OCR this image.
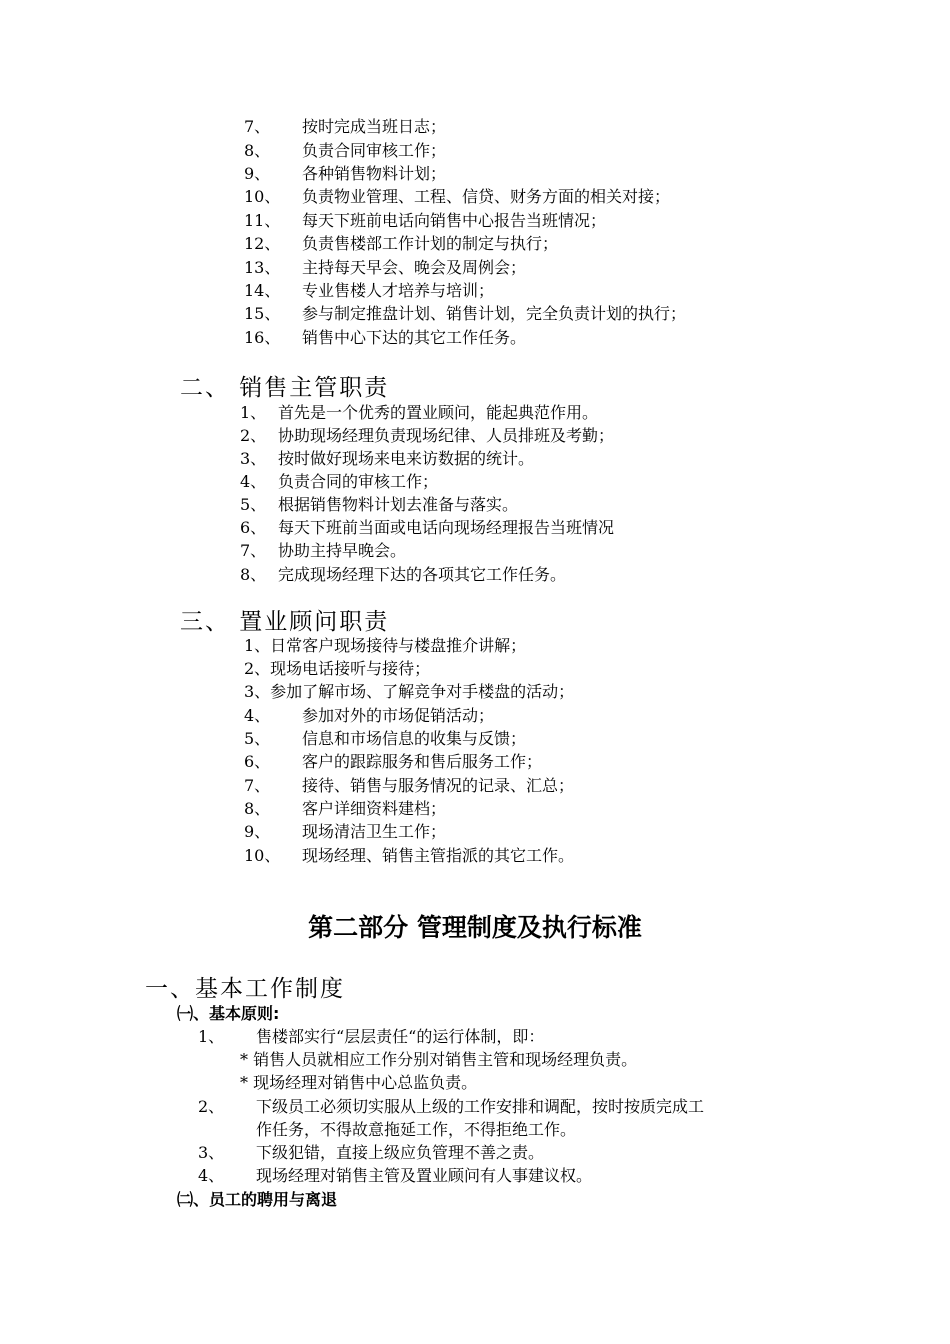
7、 按时完成当班日志；
8、 负责合同审核工作；
9、 各种销售物料计划；
10、 负责物业管理、工程、信贷、财务方面的相关对接；
11、 每天下班前电话向销售中心报告当班情况；
12、 负责售楼部工作计划的制定与执行；
13、 主持每天早会、晚会及周例会；
14、 专业售楼人才培养与培训；
15、 参与制定推盘计划、销售计划，完全负责计划的执行；
16、 销售中心下达的其它工作任务。
二、 销售主管职责
1、 首先是一个优秀的置业顾问，能起典范作用。
2、 协助现场经理负责现场纪律、人员排班及考勤；
3、 按时做好现场来电来访数据的统计。
4、 负责合同的审核工作；
5、 根据销售物料计划去准备与落实。
6、 每天下班前当面或电话向现场经理报告当班情况
7、 协助主持早晚会。
8、 完成现场经理下达的各项其它工作任务。
三、 置业顾问职责
1、日常客户现场接待与楼盘推介讲解；
2、现场电话接听与接待；
3、参加了解市场、了解竞争对手楼盘的活动；
4、 参加对外的市场促销活动；
5、 信息和市场信息的收集与反馈；
6、 客户的跟踪服务和售后服务工作；
7、 接待、销售与服务情况的记录、汇总；
8、 客户详细资料建档；
9、 现场清洁卫生工作；
10、 现场经理、销售主管指派的其它工作。
第二部分 管理制度及执行标准
一、基本工作制度
㈠、基本原则:
1、 售楼部实行“层层责任“的运行体制，即：
* 销售人员就相应工作分别对销售主管和现场经理负责。
* 现场经理对销售中心总监负责。
2、 下级员工必须切实服从上级的工作安排和调配，按时按质完成工
作任务，不得故意拖延工作，不得拒绝工作。
3、 下级犯错，直接上级应负管理不善之责。
4、 现场经理对销售主管及置业顾问有人事建议权。
㈡、员工的聘用与离退
